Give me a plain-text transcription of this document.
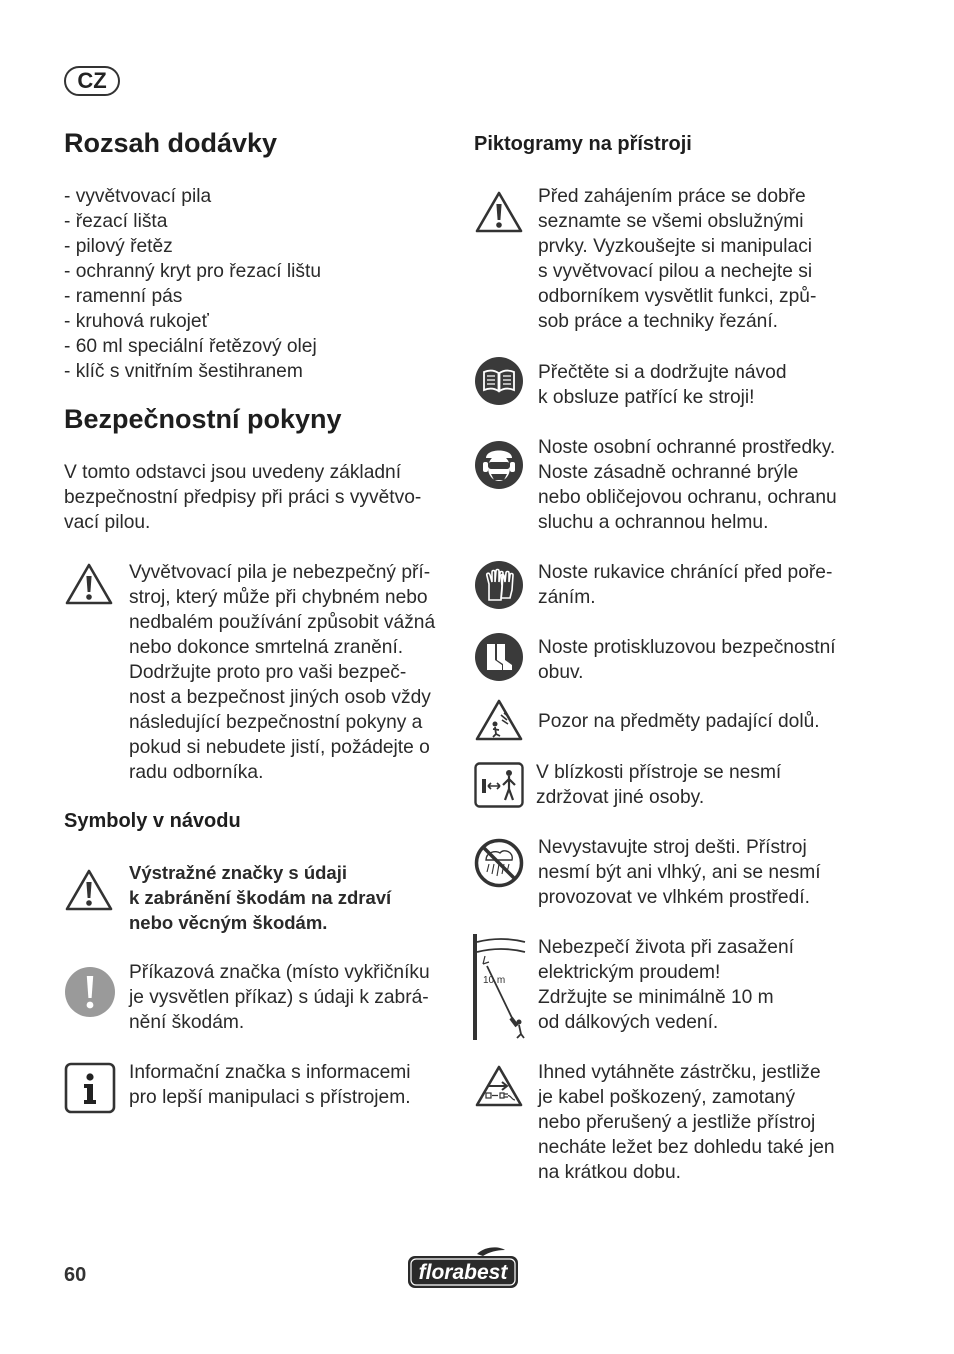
CZ
Rozsah dodávky
- vyvětvovací pila
- řezací lišta
- pilový řetěz
- ochranný kryt pro řezací lištu
- ramenní pás
- kruhová rukojeť
- 60 ml speciální řetězový olej
- klíč s vnitřním šestihranem
Bezpečnostní pokyny
V tomto odstavci jsou uvedeny základní
bezpečnostní předpisy při práci s vyvětvo-
vací pilou.
Vyvětvovací pila je nebezpečný pří-
stroj, který může při chybném nebo
nedbalém používání způsobit vážná
nebo dokonce smrtelná zranění.
Dodržujte proto pro vaši bezpeč-
nost a bezpečnost jiných osob vždy
následující bezpečnostní pokyny a
pokud si nebudete jistí, požádejte o
radu odborníka.
Symboly v návodu
Výstražné značky s údaji
k zabránění škodám na zdraví
nebo věcným škodám.
Příkazová značka (místo vykřičníku
je vysvětlen příkaz) s údaji k zabrá-
nění škodám.
Informační značka s informacemi
pro lepší manipulaci s přístrojem.
Piktogramy na přístroji
Před zahájením práce se dobře
seznamte se všemi obslužnými
prvky. Vyzkoušejte si manipulaci
s vyvětvovací pilou a nechejte si
odborníkem vysvětlit funkci, způ-
sob práce a techniky řezání.
Přečtěte si a dodržujte návod
k obsluze patřící ke stroji!
Noste osobní ochranné prostředky.
Noste zásadně ochranné brýle
nebo obličejovou ochranu, ochranu
sluchu a ochrannou helmu.
Noste rukavice chránící před poře-
záním.
Noste protiskluzovou bezpečnostní
obuv.
Pozor na předměty padající dolů.
V blízkosti přístroje se nesmí
zdržovat jiné osoby.
Nevystavujte stroj dešti. Přístroj
nesmí být ani vlhký, ani se nesmí
provozovat ve vlhkém prostředí.
10 m
Nebezpečí života při zasažení
elektrickým proudem!
Zdržujte se minimálně 10 m
od dálkových vedení.
Ihned vytáhněte zástrčku, jestliže
je kabel poškozený, zamotaný
nebo přerušený a jestliže přístroj
necháte ležet bez dohledu také jen
na krátkou dobu.
60	florabest
